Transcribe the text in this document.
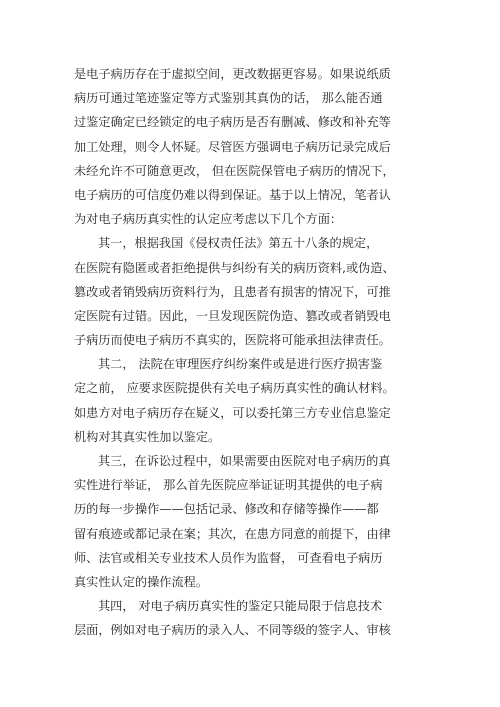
是电子病历存在于虚拟空间，更改数据更容易。如果说纸质
病历可通过笔迹鉴定等方式鉴别其真伪的话， 那么能否通
过鉴定确定已经锁定的电子病历是否有删减、修改和补充等
加工处理，则令人怀疑。尽管医方强调电子病历记录完成后
未经允许不可随意更改， 但在医院保管电子病历的情况下，
电子病历的可信度仍难以得到保证。基于以上情况，笔者认
为对电子病历真实性的认定应考虑以下几个方面：
其一，根据我国《侵权责任法》第五十八条的规定，
在医院有隐匿或者拒绝提供与纠纷有关的病历资料,或伪造、
篡改或者销毁病历资料行为，且患者有损害的情况下，可推
定医院有过错。因此，一旦发现医院伪造、篡改或者销毁电
子病历而使电子病历不真实的，医院将可能承担法律责任。
其二， 法院在审理医疗纠纷案件或是进行医疗损害鉴
定之前， 应要求医院提供有关电子病历真实性的确认材料。
如患方对电子病历存在疑义，可以委托第三方专业信息鉴定
机构对其真实性加以鉴定。
其三，在诉讼过程中，如果需要由医院对电子病历的真
实性进行举证， 那么首先医院应举证证明其提供的电子病
历的每一步操作——包括记录、修改和存储等操作——都
留有痕迹或都记录在案；其次，在患方同意的前提下，由律
师、法官或相关专业技术人员作为监督， 可查看电子病历
真实性认定的操作流程。
其四， 对电子病历真实性的鉴定只能局限于信息技术
层面，例如对电子病历的录入人、不同等级的签字人、审核
